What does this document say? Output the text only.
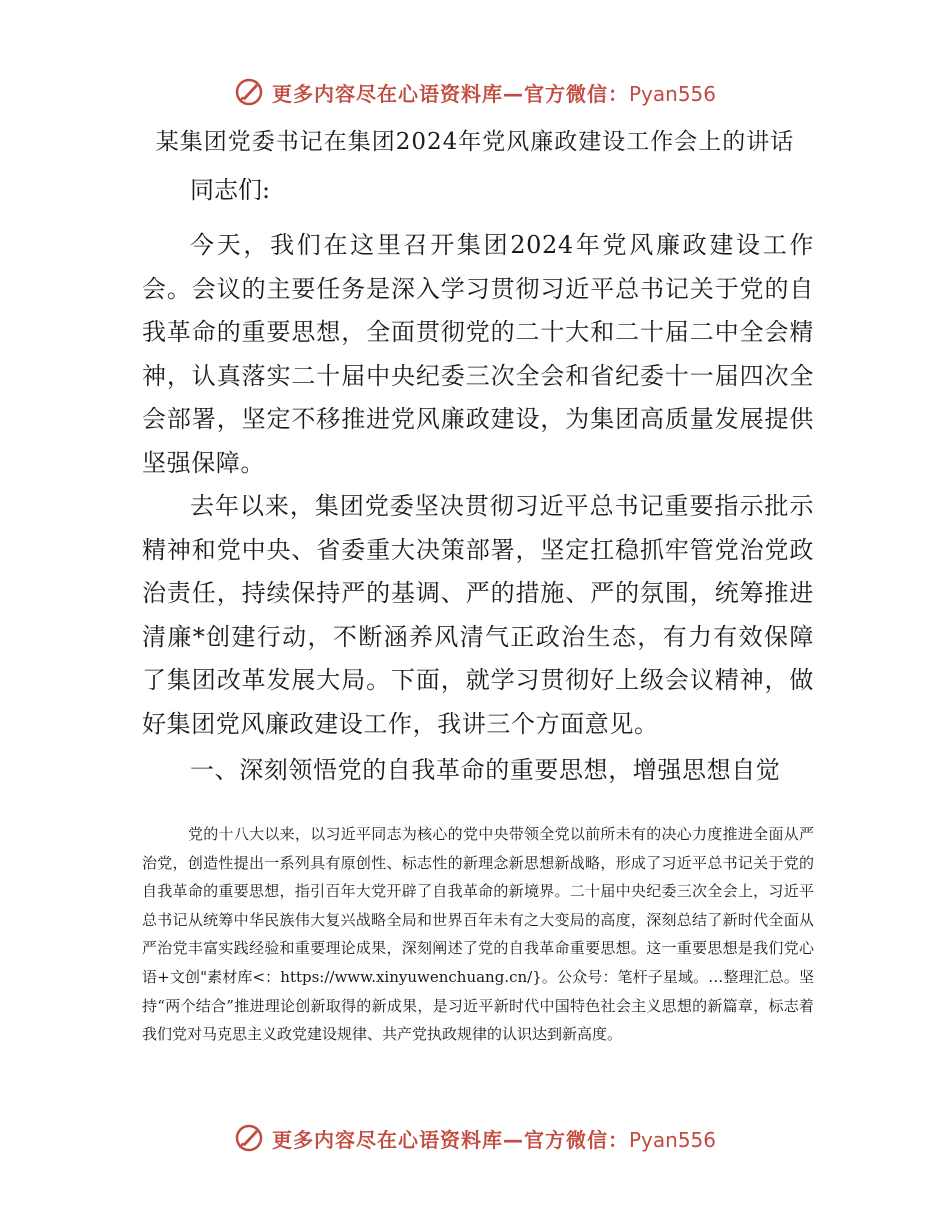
更多内容尽在心语资料库—官方微信：Pyan556
某集团党委书记在集团2024年党风廉政建设工作会上的讲话

同志们:

今天，我们在这里召开集团2024年党风廉政建设工作会。会议的主要任务是深入学习贯彻习近平总书记关于党的自我革命的重要思想，全面贯彻党的二十大和二十届二中全会精神，认真落实二十届中央纪委三次全会和省纪委十一届四次全会部署，坚定不移推进党风廉政建设，为集团高质量发展提供坚强保障。

去年以来，集团党委坚决贯彻习近平总书记重要指示批示精神和党中央、省委重大决策部署，坚定扛稳抓牢管党治党政治责任，持续保持严的基调、严的措施、严的氛围，统筹推进清廉*创建行动，不断涵养风清气正政治生态，有力有效保障了集团改革发展大局。下面，就学习贯彻好上级会议精神，做好集团党风廉政建设工作，我讲三个方面意见。

一、深刻领悟党的自我革命的重要思想，增强思想自觉

党的十八大以来，以习近平同志为核心的党中央带领全党以前所未有的决心力度推进全面从严治党，创造性提出一系列具有原创性、标志性的新理念新思想新战略，形成了习近平总书记关于党的自我革命的重要思想，指引百年大党开辟了自我革命的新境界。二十届中央纪委三次全会上，习近平总书记从统筹中华民族伟大复兴战略全局和世界百年未有之大变局的高度，深刻总结了新时代全面从严治党丰富实践经验和重要理论成果，深刻阐述了党的自我革命重要思想。这一重要思想是我们党心语+文创"素材库<：https://www.xinyuwenchuang.cn/}。公众号：笔杆子星域。…整理汇总。坚持“两个结合”推进理论创新取得的新成果，是习近平新时代中国特色社会主义思想的新篇章，标志着我们党对马克思主义政党建设规律、共产党执政规律的认识达到新高度。

更多内容尽在心语资料库—官方微信：Pyan556
